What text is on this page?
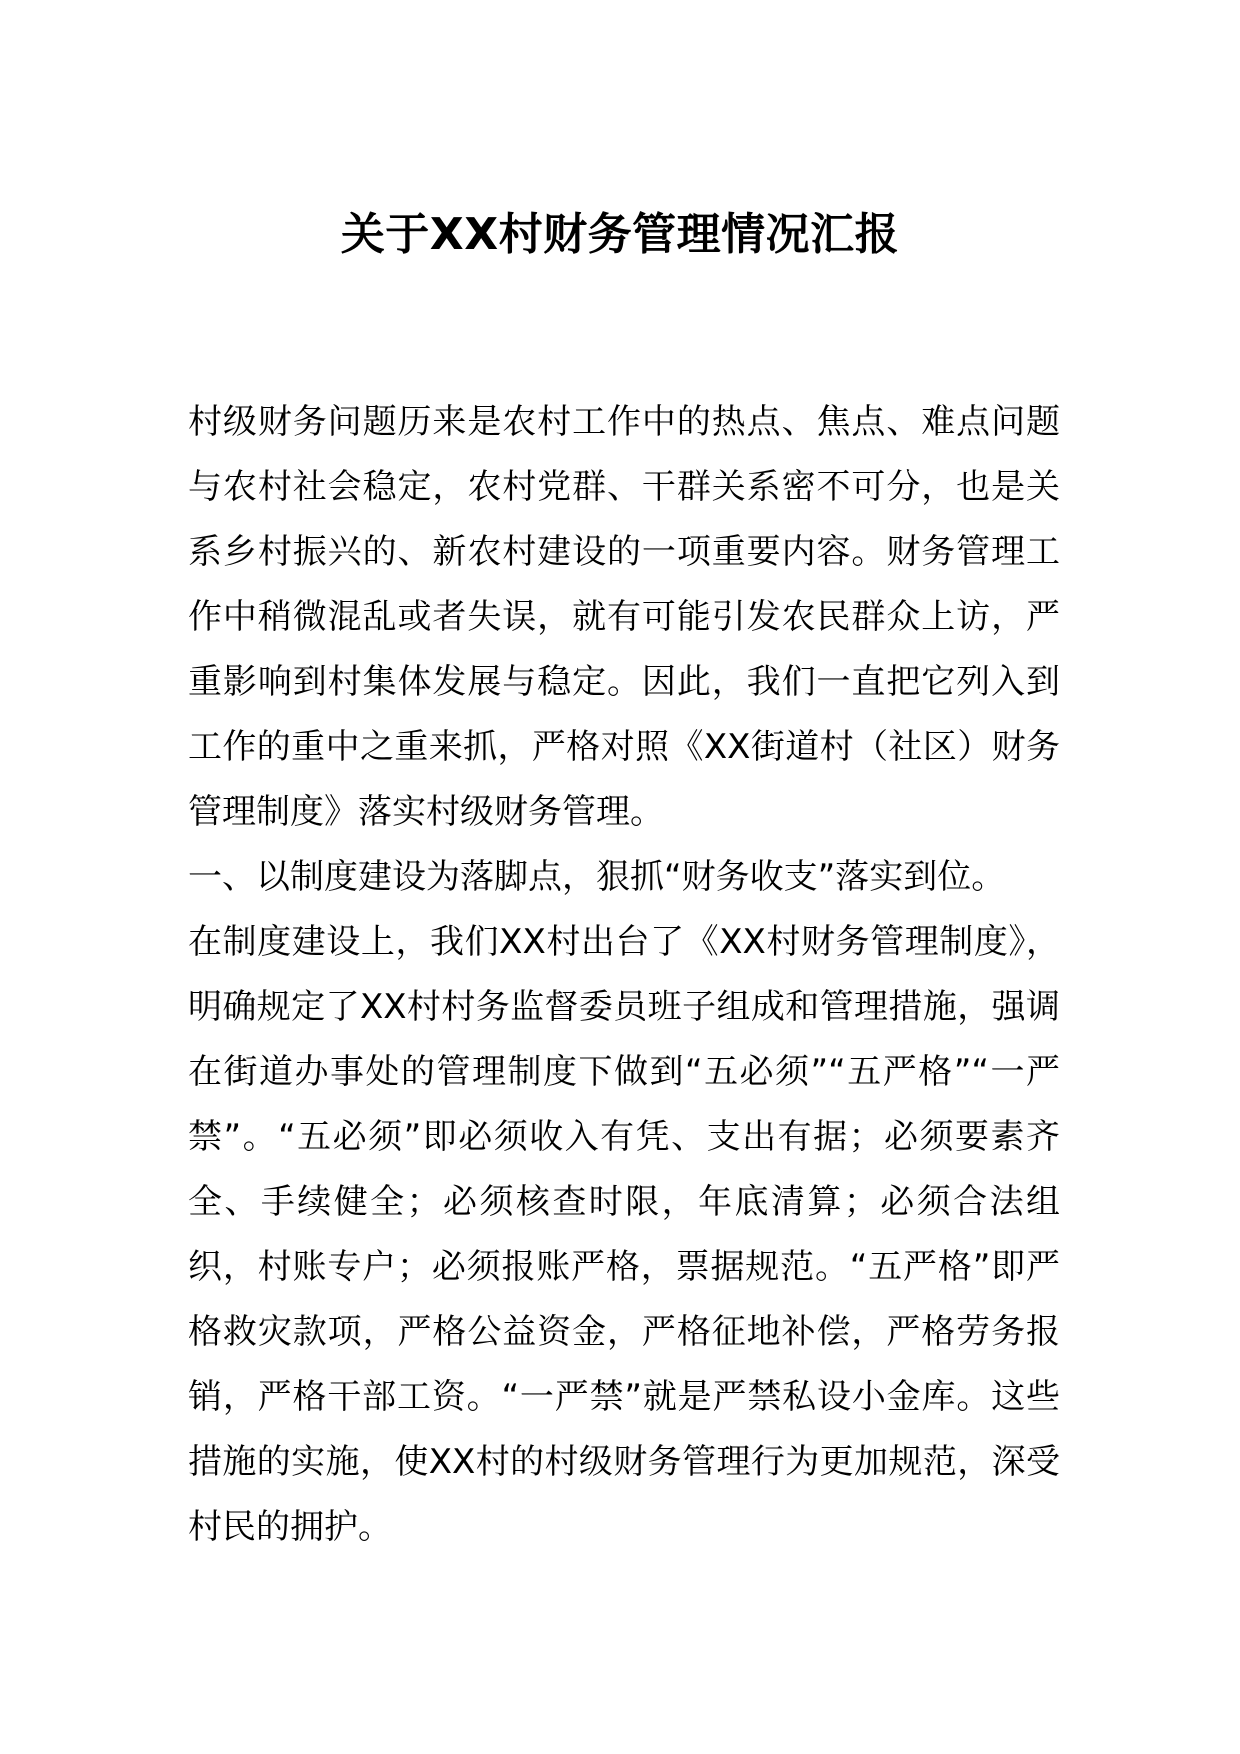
关于XX村财务管理情况汇报

村级财务问题历来是农村工作中的热点、焦点、难点问题与农村社会稳定，农村党群、干群关系密不可分，也是关系乡村振兴的、新农村建设的一项重要内容。财务管理工作中稍微混乱或者失误，就有可能引发农民群众上访，严重影响到村集体发展与稳定。因此，我们一直把它列入到工作的重中之重来抓，严格对照《XX街道村（社区）财务管理制度》落实村级财务管理。

一、以制度建设为落脚点，狠抓“财务收支”落实到位。

在制度建设上，我们XX村出台了《XX村财务管理制度》，明确规定了XX村村务监督委员班子组成和管理措施，强调在街道办事处的管理制度下做到“五必须”“五严格”“一严禁”。“五必须”即必须收入有凭、支出有据；必须要素齐全、手续健全；必须核查时限，年底清算；必须合法组织，村账专户；必须报账严格，票据规范。“五严格”即严格救灾款项，严格公益资金，严格征地补偿，严格劳务报销，严格干部工资。“一严禁”就是严禁私设小金库。这些措施的实施，使XX村的村级财务管理行为更加规范，深受村民的拥护。
